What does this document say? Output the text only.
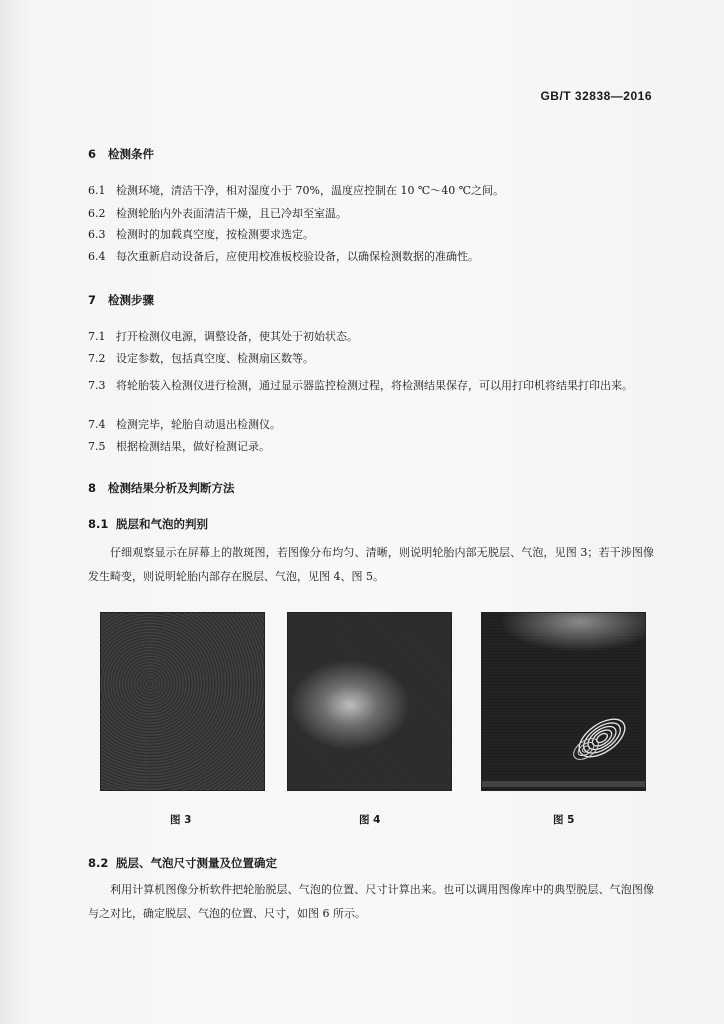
GB/T 32838—2016
6 检测条件
6.1 检测环境，清洁干净，相对湿度小于 70%，温度应控制在 10 ℃～40 ℃之间。
6.2 检测轮胎内外表面清洁干燥，且已冷却至室温。
6.3 检测时的加载真空度，按检测要求选定。
6.4 每次重新启动设备后，应使用校准板校验设备，以确保检测数据的准确性。
7 检测步骤
7.1 打开检测仪电源，调整设备，使其处于初始状态。
7.2 设定参数，包括真空度、检测扇区数等。
7.3 将轮胎装入检测仪进行检测，通过显示器监控检测过程，将检测结果保存，可以用打印机将结果打印出来。
7.4 检测完毕，轮胎自动退出检测仪。
7.5 根据检测结果，做好检测记录。
8 检测结果分析及判断方法
8.1 脱层和气泡的判别
仔细观察显示在屏幕上的散斑图，若图像分布均匀、清晰，则说明轮胎内部无脱层、气泡，见图 3；若干涉图像发生畸变，则说明轮胎内部存在脱层、气泡，见图 4、图 5。
图 3	图 4	图 5
8.2 脱层、气泡尺寸测量及位置确定
利用计算机图像分析软件把轮胎脱层、气泡的位置、尺寸计算出来。也可以调用图像库中的典型脱层、气泡图像与之对比，确定脱层、气泡的位置、尺寸，如图 6 所示。
